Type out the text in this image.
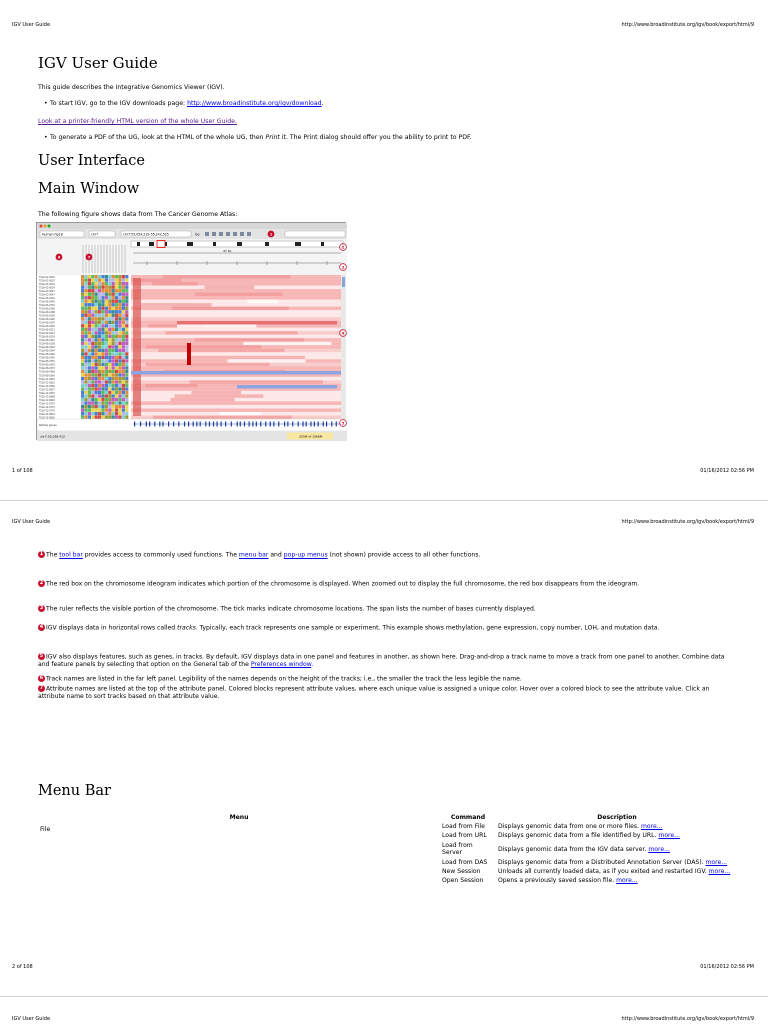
IGV User Guide	http://www.broadinstitute.org/igv/book/export/html/9
IGV User Guide
This guide describes the Integrative Genomics Viewer (IGV).
• To start IGV, go to the IGV downloads page: http://www.broadinstitute.org/igv/download.
Look at a printer-friendly HTML version of the whole User Guide.
• To generate a PDF of the UG, look at the HTML of the whole UG, then Print it. The Print dialog should offer you the ability to print to PDF.
User Interface
Main Window
The following figure shows data from The Cancer Genome Atlas:
Human hg18	chr7	chr7:55,054,219-55,242,525	Go
47 kb
TCGA-02-0003
TCGA-02-0007
TCGA-02-0014
TCGA-02-0024
TCGA-02-0027
TCGA-02-0047
TCGA-06-0143
TCGA-06-0145
TCGA-06-0154
TCGA-06-0185
TCGA-06-0188
TCGA-06-0190
TCGA-06-0195
TCGA-06-0197
TCGA-06-0209
TCGA-06-0211
TCGA-06-0213
TCGA-06-0214
TCGA-06-0221
TCGA-06-0238
TCGA-06-0240
TCGA-08-0244
TCGA-08-0246
TCGA-08-0345
TCGA-08-0352
TCGA-08-0359
TCGA-08-0373
TCGA-08-0386
TCGA-08-0390
TCGA-12-0620
TCGA-12-0622
TCGA-12-0656
TCGA-12-0657
TCGA-12-0670
TCGA-12-0688
TCGA-12-0692
TCGA-12-0707
TCGA-12-0772
TCGA-12-0776
TCGA-12-0819
TCGA-12-0820
RefSeq genes
chr7:55,038,412	255M of 1066M
1
2
3
4
5
6	7
1 of 108	01/16/2012 02:56 PM
IGV User Guide	http://www.broadinstitute.org/igv/book/export/html/9
1 The tool bar provides access to commonly used functions. The menu bar and pop-up menus (not shown) provide access to all other functions.
2 The red box on the chromosome ideogram indicates which portion of the chromosome is displayed. When zoomed out to display the full chromosome, the red box disappears from the ideogram.
3 The ruler reflects the visible portion of the chromosome. The tick marks indicate chromosome locations. The span lists the number of bases currently displayed.
4 IGV displays data in horizontal rows called tracks. Typically, each track represents one sample or experiment. This example shows methylation, gene expression, copy number, LOH, and mutation data.
5 IGV also displays features, such as genes, in tracks. By default, IGV displays data in one panel and features in another, as shown here. Drag-and-drop a track name to move a track from one panel to another. Combine data and feature panels by selecting that option on the General tab of the Preferences window.
6 Track names are listed in the far left panel. Legibility of the names depends on the height of the tracks; i.e., the smaller the track the less legible the name.
7 Attribute names are listed at the top of the attribute panel. Colored blocks represent attribute values, where each unique value is assigned a unique color. Hover over a colored block to see the attribute value. Click an attribute name to sort tracks based on that attribute value.
Menu Bar
Menu	Command	Description
File	Load from File	Displays genomic data from one or more files. more...
	Load from URL	Displays genomic data from a file identified by URL. more...
	Load from Server	Displays genomic data from the IGV data server. more...
	Load from DAS	Displays genomic data from a Distributed Annotation Server (DAS). more...
	New Session	Unloads all currently loaded data, as if you exited and restarted IGV. more...
	Open Session	Opens a previously saved session file. more...
2 of 108	01/16/2012 02:56 PM
IGV User Guide	http://www.broadinstitute.org/igv/book/export/html/9
